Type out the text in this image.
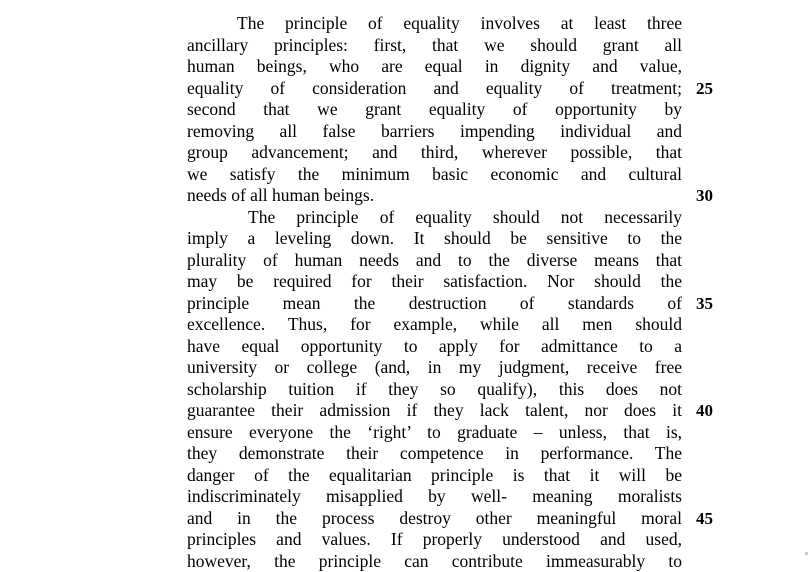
The principle of equality involves at least three
ancillary principles: first, that we should grant all
human beings, who are equal in dignity and value,
equality of consideration and equality of treatment;
second that we grant equality of opportunity by
removing all false barriers impending individual and
group advancement; and third, wherever possible, that
we satisfy the minimum basic economic and cultural
needs of all human beings.
The principle of equality should not necessarily
imply a leveling down. It should be sensitive to the
plurality of human needs and to the diverse means that
may be required for their satisfaction. Nor should the
principle mean the destruction of standards of
excellence. Thus, for example, while all men should
have equal opportunity to apply for admittance to a
university or college (and, in my judgment, receive free
scholarship tuition if they so qualify), this does not
guarantee their admission if they lack talent, nor does it
ensure everyone the ‘right’ to graduate – unless, that is,
they demonstrate their competence in performance. The
danger of the equalitarian principle is that it will be
indiscriminately misapplied by well- meaning moralists
and in the process destroy other meaningful moral
principles and values. If properly understood and used,
however, the principle can contribute immeasurably to
25
30
35
40
45
